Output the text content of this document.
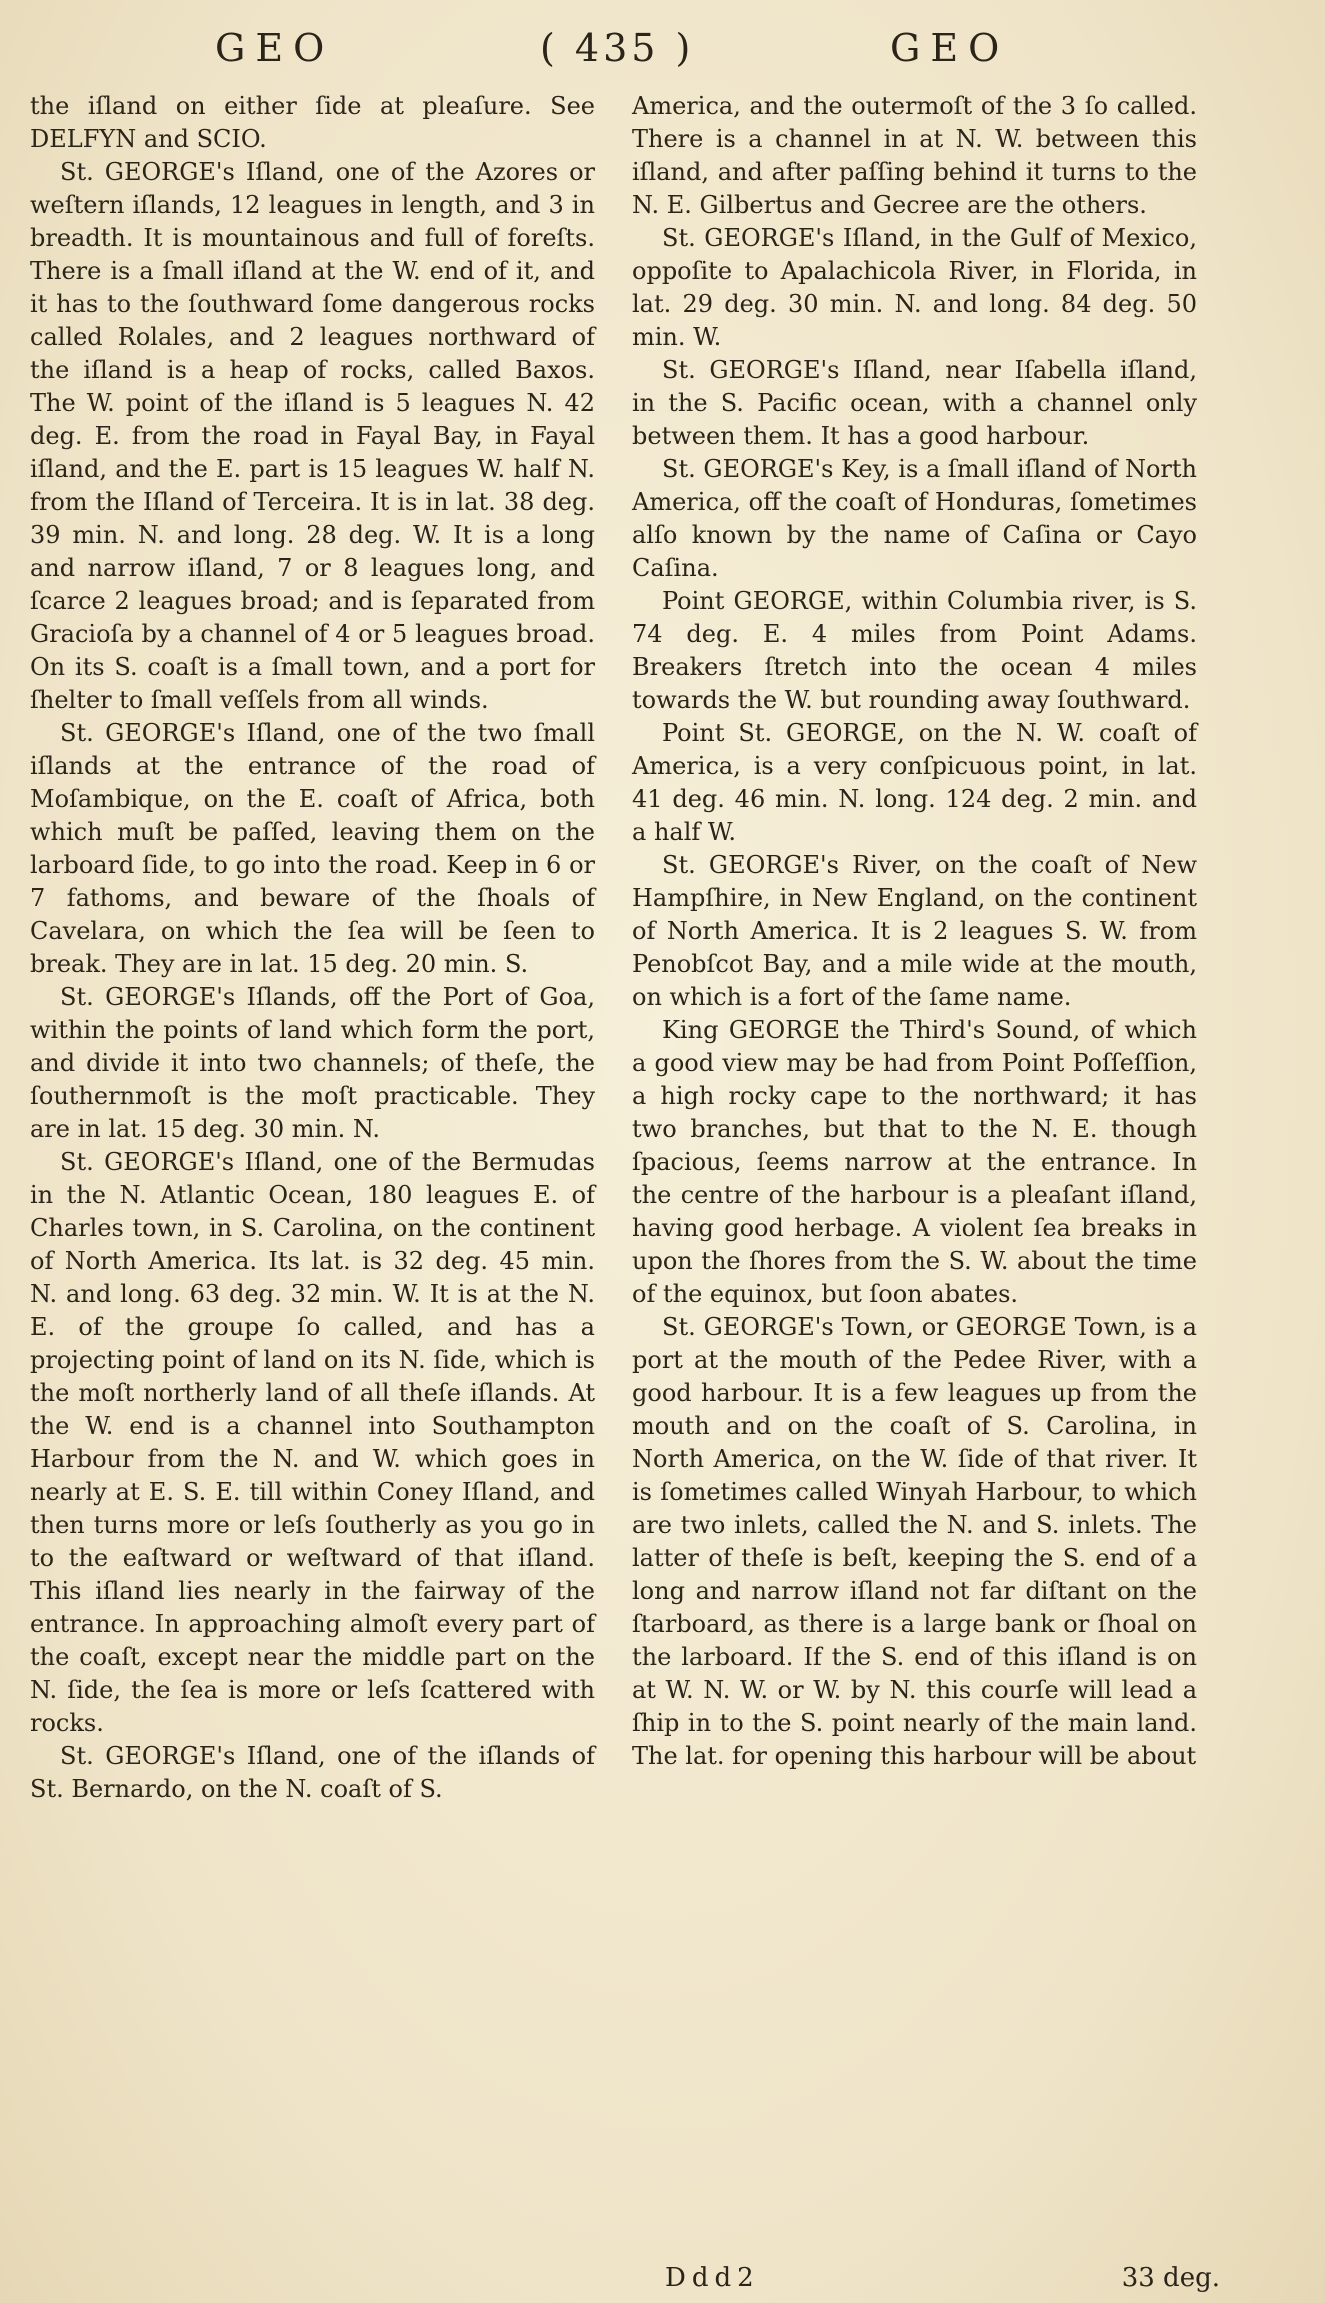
GEO	( 435 )	GEO

the iſland on either ſide at pleaſure. See DELFYN and SCIO.

St. GEORGE's Iſland, one of the Azores or weſtern iſlands, 12 leagues in length, and 3 in breadth. It is mountainous and full of foreſts. There is a ſmall iſland at the W. end of it, and it has to the ſouthward ſome dangerous rocks called Rolales, and 2 leagues northward of the iſland is a heap of rocks, called Baxos. The W. point of the iſland is 5 leagues N. 42 deg. E. from the road in Fayal Bay, in Fayal iſland, and the E. part is 15 leagues W. half N. from the Iſland of Terceira. It is in lat. 38 deg. 39 min. N. and long. 28 deg. W. It is a long and narrow iſland, 7 or 8 leagues long, and ſcarce 2 leagues broad; and is ſeparated from Gracioſa by a channel of 4 or 5 leagues broad. On its S. coaſt is a ſmall town, and a port for ſhelter to ſmall veſſels from all winds.

St. GEORGE's Iſland, one of the two ſmall iſlands at the entrance of the road of Moſambique, on the E. coaſt of Africa, both which muſt be paſſed, leaving them on the larboard ſide, to go into the road. Keep in 6 or 7 fathoms, and beware of the ſhoals of Cavelara, on which the ſea will be ſeen to break. They are in lat. 15 deg. 20 min. S.

St. GEORGE's Iſlands, off the Port of Goa, within the points of land which form the port, and divide it into two channels; of theſe, the ſouthernmoſt is the moſt practicable. They are in lat. 15 deg. 30 min. N.

St. GEORGE's Iſland, one of the Bermudas in the N. Atlantic Ocean, 180 leagues E. of Charles town, in S. Carolina, on the continent of North America. Its lat. is 32 deg. 45 min. N. and long. 63 deg. 32 min. W. It is at the N. E. of the groupe ſo called, and has a projecting point of land on its N. ſide, which is the moſt northerly land of all theſe iſlands. At the W. end is a channel into Southampton Harbour from the N. and W. which goes in nearly at E. S. E. till within Coney Iſland, and then turns more or leſs ſoutherly as you go in to the eaſtward or weſtward of that iſland. This iſland lies nearly in the fairway of the entrance. In approaching almoſt every part of the coaſt, except near the middle part on the N. ſide, the ſea is more or leſs ſcattered with rocks.

St. GEORGE's Iſland, one of the iſlands of St. Bernardo, on the N. coaſt of S.

America, and the outermoſt of the 3 ſo called. There is a channel in at N. W. between this iſland, and after paſſing behind it turns to the N. E. Gilbertus and Gecree are the others.

St. GEORGE's Iſland, in the Gulf of Mexico, oppoſite to Apalachicola River, in Florida, in lat. 29 deg. 30 min. N. and long. 84 deg. 50 min. W.

St. GEORGE's Iſland, near Iſabella iſland, in the S. Pacific ocean, with a channel only between them. It has a good harbour.

St. GEORGE's Key, is a ſmall iſland of North America, off the coaſt of Honduras, ſometimes alſo known by the name of Caſina or Cayo Caſina.

Point GEORGE, within Columbia river, is S. 74 deg. E. 4 miles from Point Adams. Breakers ſtretch into the ocean 4 miles towards the W. but rounding away ſouthward.

Point St. GEORGE, on the N. W. coaſt of America, is a very conſpicuous point, in lat. 41 deg. 46 min. N. long. 124 deg. 2 min. and a half W.

St. GEORGE's River, on the coaſt of New Hampſhire, in New England, on the continent of North America. It is 2 leagues S. W. from Penobſcot Bay, and a mile wide at the mouth, on which is a fort of the ſame name.

King GEORGE the Third's Sound, of which a good view may be had from Point Poſſeſſion, a high rocky cape to the northward; it has two branches, but that to the N. E. though ſpacious, ſeems narrow at the entrance. In the centre of the harbour is a pleaſant iſland, having good herbage. A violent ſea breaks in upon the ſhores from the S. W. about the time of the equinox, but ſoon abates.

St. GEORGE's Town, or GEORGE Town, is a port at the mouth of the Pedee River, with a good harbour. It is a few leagues up from the mouth and on the coaſt of S. Carolina, in North America, on the W. ſide of that river. It is ſometimes called Winyah Harbour, to which are two inlets, called the N. and S. inlets. The latter of theſe is beſt, keeping the S. end of a long and narrow iſland not far diſtant on the ſtarboard, as there is a large bank or ſhoal on the larboard. If the S. end of this iſland is on at W. N. W. or W. by N. this courſe will lead a ſhip in to the S. point nearly of the main land. The lat. for opening this harbour will be about

Ddd2	33 deg.
